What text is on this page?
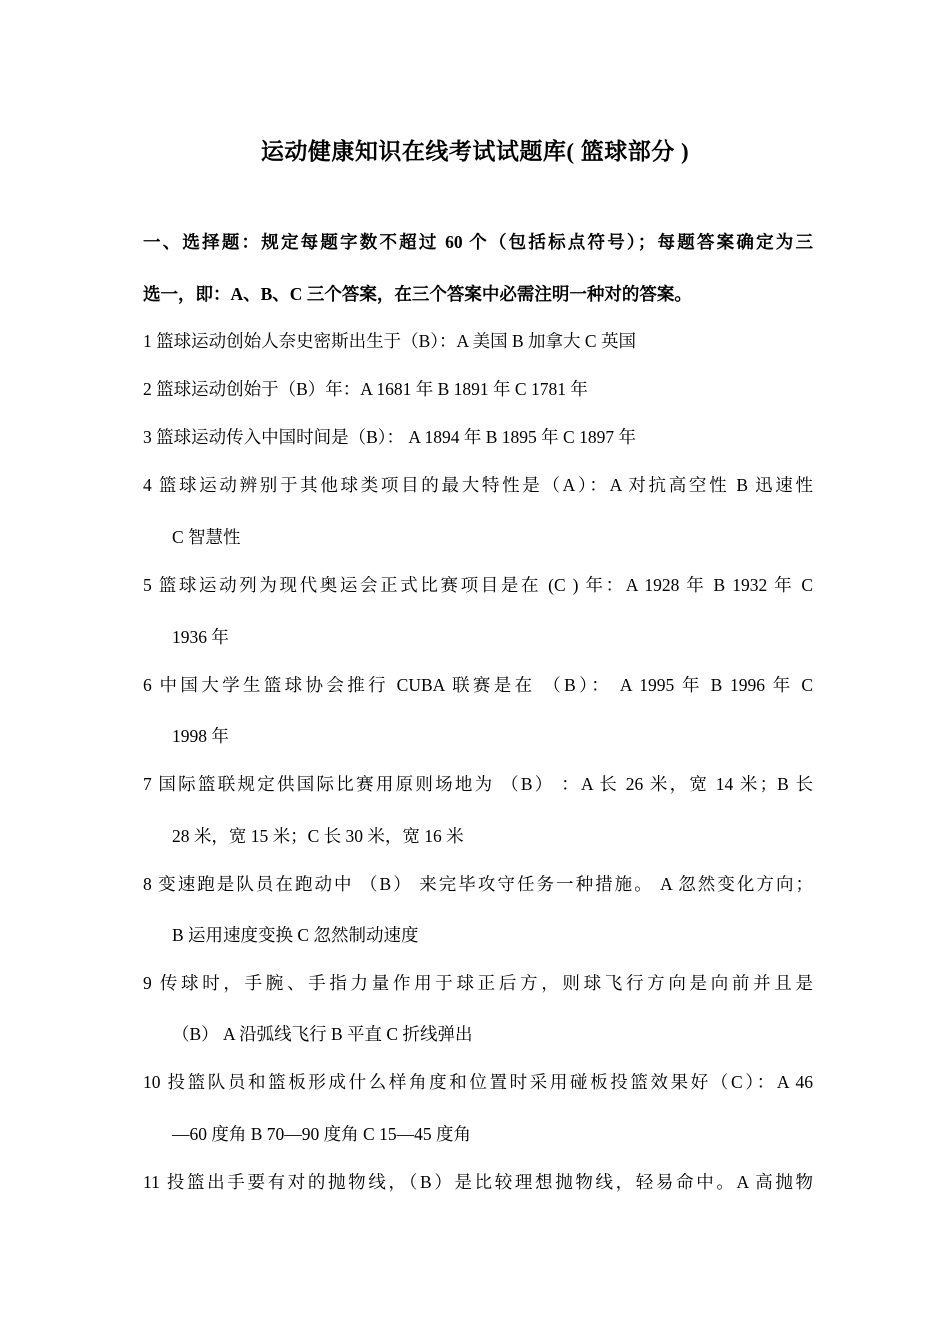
运动健康知识在线考试试题库( 篮球部分 )
一、选择题：规定每题字数不超过 60 个（包括标点符号）；每题答案确定为三
选一，即：A、B、C 三个答案，在三个答案中必需注明一种对的答案。
1 篮球运动创始人奈史密斯出生于（B）：A 美国 B 加拿大 C 英国
2 篮球运动创始于（B）年：A 1681 年 B 1891 年 C 1781 年
3 篮球运动传入中国时间是（B）： A 1894 年 B 1895 年 C 1897 年
4 篮球运动辨别于其他球类项目的最大特性是（A）：A 对抗高空性 B 迅速性
C 智慧性
5 篮球运动列为现代奥运会正式比赛项目是在 (C ) 年：A 1928 年 B 1932 年 C
1936 年
6 中国大学生篮球协会推行 CUBA 联赛是在 （B）： A 1995 年 B 1996 年 C
1998 年
7 国际篮联规定供国际比赛用原则场地为 （B） ：A 长 26 米，宽 14 米；B 长
28 米，宽 15 米；C 长 30 米，宽 16 米
8 变速跑是队员在跑动中 （B） 来完毕攻守任务一种措施。 A 忽然变化方向；
B 运用速度变换 C 忽然制动速度
9 传球时，手腕、手指力量作用于球正后方，则球飞行方向是向前并且是
（B） A 沿弧线飞行 B 平直 C 折线弹出
10 投篮队员和篮板形成什么样角度和位置时采用碰板投篮效果好（C）：A 46
—60 度角 B 70—90 度角 C 15—45 度角
11 投篮出手要有对的抛物线，（B）是比较理想抛物线，轻易命中。A 高抛物
